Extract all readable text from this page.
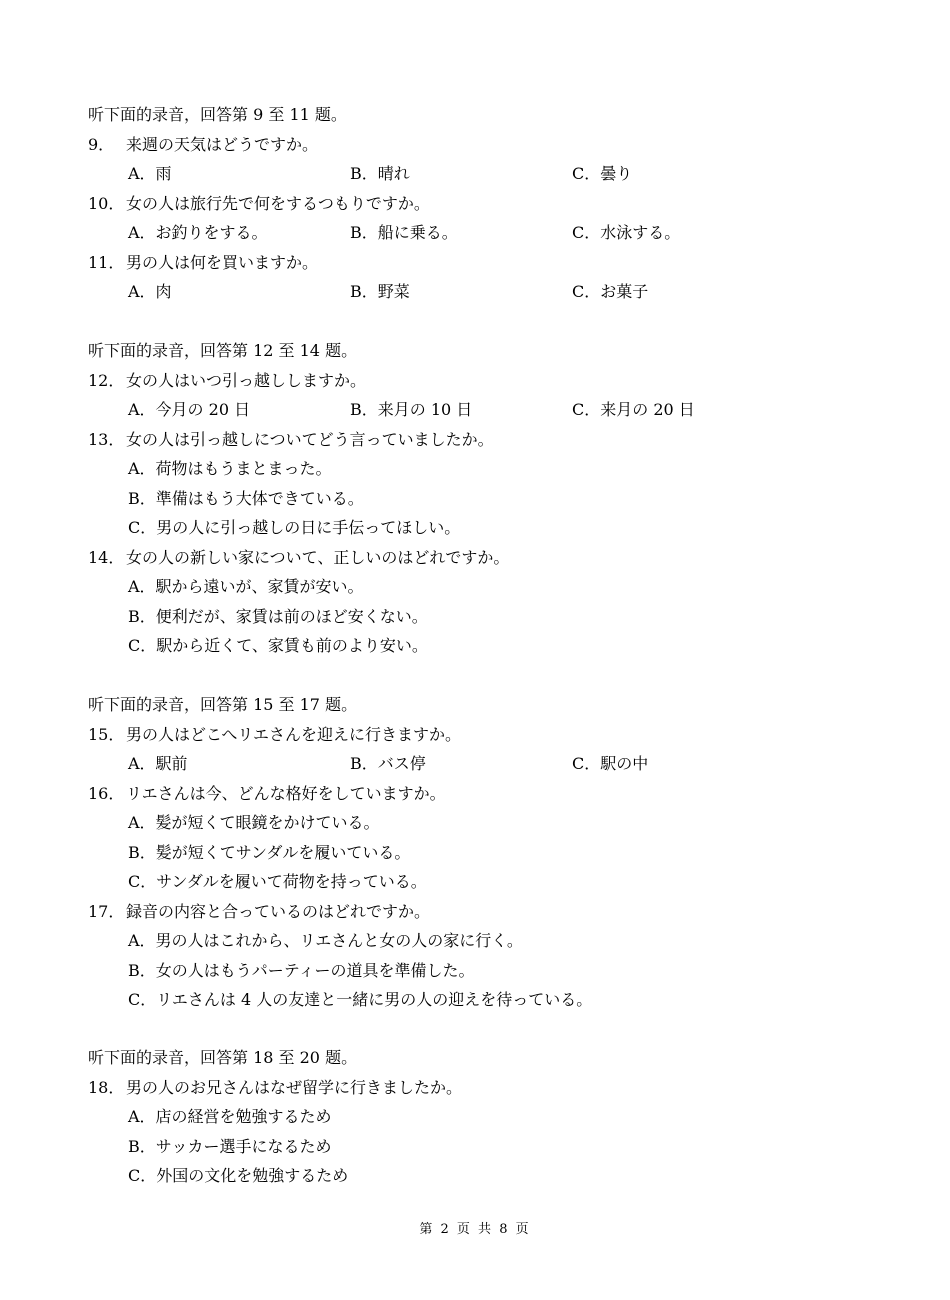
听下面的录音，回答第 9 至 11 题。
9． 来週の天気はどうですか。
A．雨	B．晴れ	C．曇り
10． 女の人は旅行先で何をするつもりですか。
A．お釣りをする。	B．船に乗る。	C．水泳する。
11． 男の人は何を買いますか。
A．肉	B．野菜	C．お菓子
听下面的录音，回答第 12 至 14 题。
12． 女の人はいつ引っ越ししますか。
A．今月の 20 日	B．来月の 10 日	C．来月の 20 日
13． 女の人は引っ越しについてどう言っていましたか。
A．荷物はもうまとまった。
B．準備はもう大体できている。
C．男の人に引っ越しの日に手伝ってほしい。
14． 女の人の新しい家について、正しいのはどれですか。
A．駅から遠いが、家賃が安い。
B．便利だが、家賃は前のほど安くない。
C．駅から近くて、家賃も前のより安い。
听下面的录音，回答第 15 至 17 题。
15． 男の人はどこへリエさんを迎えに行きますか。
A．駅前	B．バス停	C．駅の中
16． リエさんは今、どんな格好をしていますか。
A．髪が短くて眼鏡をかけている。
B．髪が短くてサンダルを履いている。
C．サンダルを履いて荷物を持っている。
17． 録音の内容と合っているのはどれですか。
A．男の人はこれから、リエさんと女の人の家に行く。
B．女の人はもうパーティーの道具を準備した。
C．リエさんは 4 人の友達と一緒に男の人の迎えを待っている。
听下面的录音，回答第 18 至 20 题。
18． 男の人のお兄さんはなぜ留学に行きましたか。
A．店の経営を勉強するため
B．サッカー選手になるため
C．外国の文化を勉強するため
第 2 页 共 8 页
